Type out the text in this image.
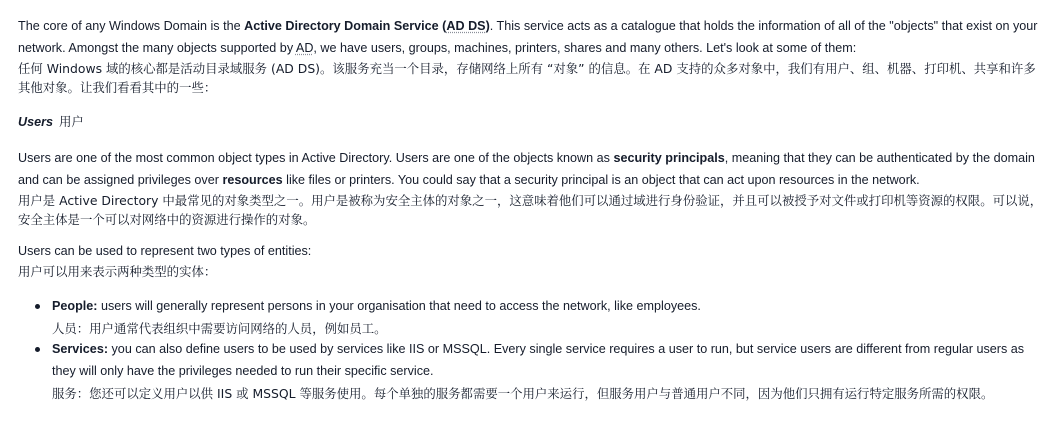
The core of any Windows Domain is the Active Directory Domain Service (AD DS). This service acts as a catalogue that holds the information of all of the "objects" that exist on your network. Amongst the many objects supported by AD, we have users, groups, machines, printers, shares and many others. Let's look at some of them:

任何 Windows 域的核心都是活动目录域服务 (AD DS)。该服务充当一个目录，存储网络上所有 “对象” 的信息。在 AD 支持的众多对象中，我们有用户、组、机器、打印机、共享和许多其他对象。让我们看看其中的一些：

Users 用户

Users are one of the most common object types in Active Directory. Users are one of the objects known as security principals, meaning that they can be authenticated by the domain and can be assigned privileges over resources like files or printers. You could say that a security principal is an object that can act upon resources in the network.

用户是 Active Directory 中最常见的对象类型之一。用户是被称为安全主体的对象之一，这意味着他们可以通过域进行身份验证，并且可以被授予对文件或打印机等资源的权限。可以说，安全主体是一个可以对网络中的资源进行操作的对象。

Users can be used to represent two types of entities:

用户可以用来表示两种类型的实体：

People: users will generally represent persons in your organisation that need to access the network, like employees.

人员：用户通常代表组织中需要访问网络的人员，例如员工。

Services: you can also define users to be used by services like IIS or MSSQL. Every single service requires a user to run, but service users are different from regular users as they will only have the privileges needed to run their specific service.

服务：您还可以定义用户以供 IIS 或 MSSQL 等服务使用。每个单独的服务都需要一个用户来运行，但服务用户与普通用户不同，因为他们只拥有运行特定服务所需的权限。
